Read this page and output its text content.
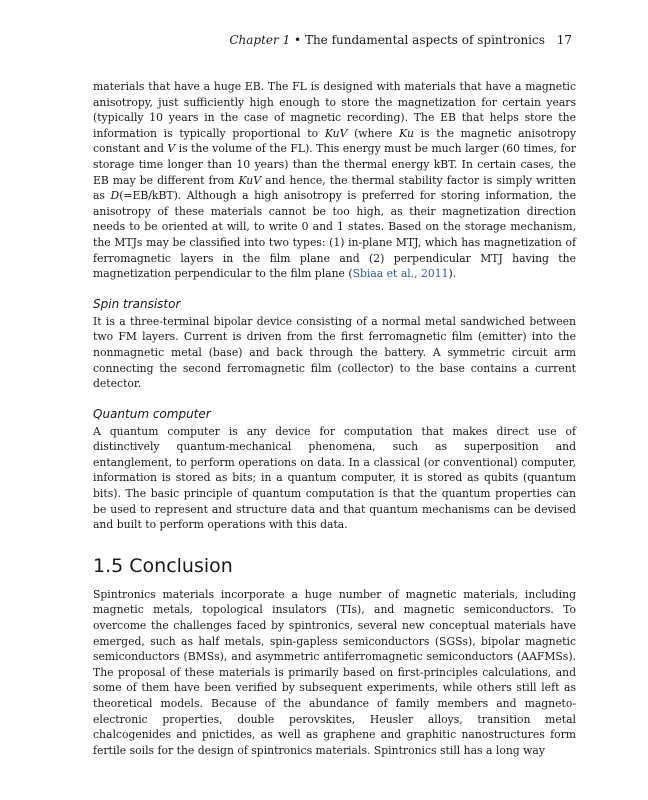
Chapter 1 • The fundamental aspects of spintronics 17

materials that have a huge EB. The FL is designed with materials that have a magnetic anisotropy, just sufficiently high enough to store the magnetization for certain years (typically 10 years in the case of magnetic recording). The EB that helps store the information is typically proportional to KuV (where Ku is the magnetic anisotropy constant and V is the volume of the FL). This energy must be much larger (60 times, for storage time longer than 10 years) than the thermal energy kBT. In certain cases, the EB may be different from KuV and hence, the thermal stability factor is simply written as D(=EB/kBT). Although a high anisotropy is preferred for storing information, the anisotropy of these materials cannot be too high, as their magnetization direction needs to be oriented at will, to write 0 and 1 states. Based on the storage mechanism, the MTJs may be classified into two types: (1) in-plane MTJ, which has magnetization of ferromagnetic layers in the film plane and (2) perpendicular MTJ having the magnetization perpendicular to the film plane (Sbiaa et al., 2011).

Spin transistor

It is a three-terminal bipolar device consisting of a normal metal sandwiched between two FM layers. Current is driven from the first ferromagnetic film (emitter) into the nonmagnetic metal (base) and back through the battery. A symmetric circuit arm connecting the second ferromagnetic film (collector) to the base contains a current detector.

Quantum computer

A quantum computer is any device for computation that makes direct use of distinctively quantum-mechanical phenomena, such as superposition and entanglement, to perform operations on data. In a classical (or conventional) computer, information is stored as bits; in a quantum computer, it is stored as qubits (quantum bits). The basic principle of quantum computation is that the quantum properties can be used to represent and structure data and that quantum mechanisms can be devised and built to perform operations with this data.

1.5 Conclusion

Spintronics materials incorporate a huge number of magnetic materials, including magnetic metals, topological insulators (TIs), and magnetic semiconductors. To overcome the challenges faced by spintronics, several new conceptual materials have emerged, such as half metals, spin-gapless semiconductors (SGSs), bipolar magnetic semiconductors (BMSs), and asymmetric antiferromagnetic semiconductors (AAFMSs). The proposal of these materials is primarily based on first-principles calculations, and some of them have been verified by subsequent experiments, while others still left as theoretical models. Because of the abundance of family members and magneto-electronic properties, double perovskites, Heusler alloys, transition metal chalcogenides and pnictides, as well as graphene and graphitic nanostructures form fertile soils for the design of spintronics materials. Spintronics still has a long way
